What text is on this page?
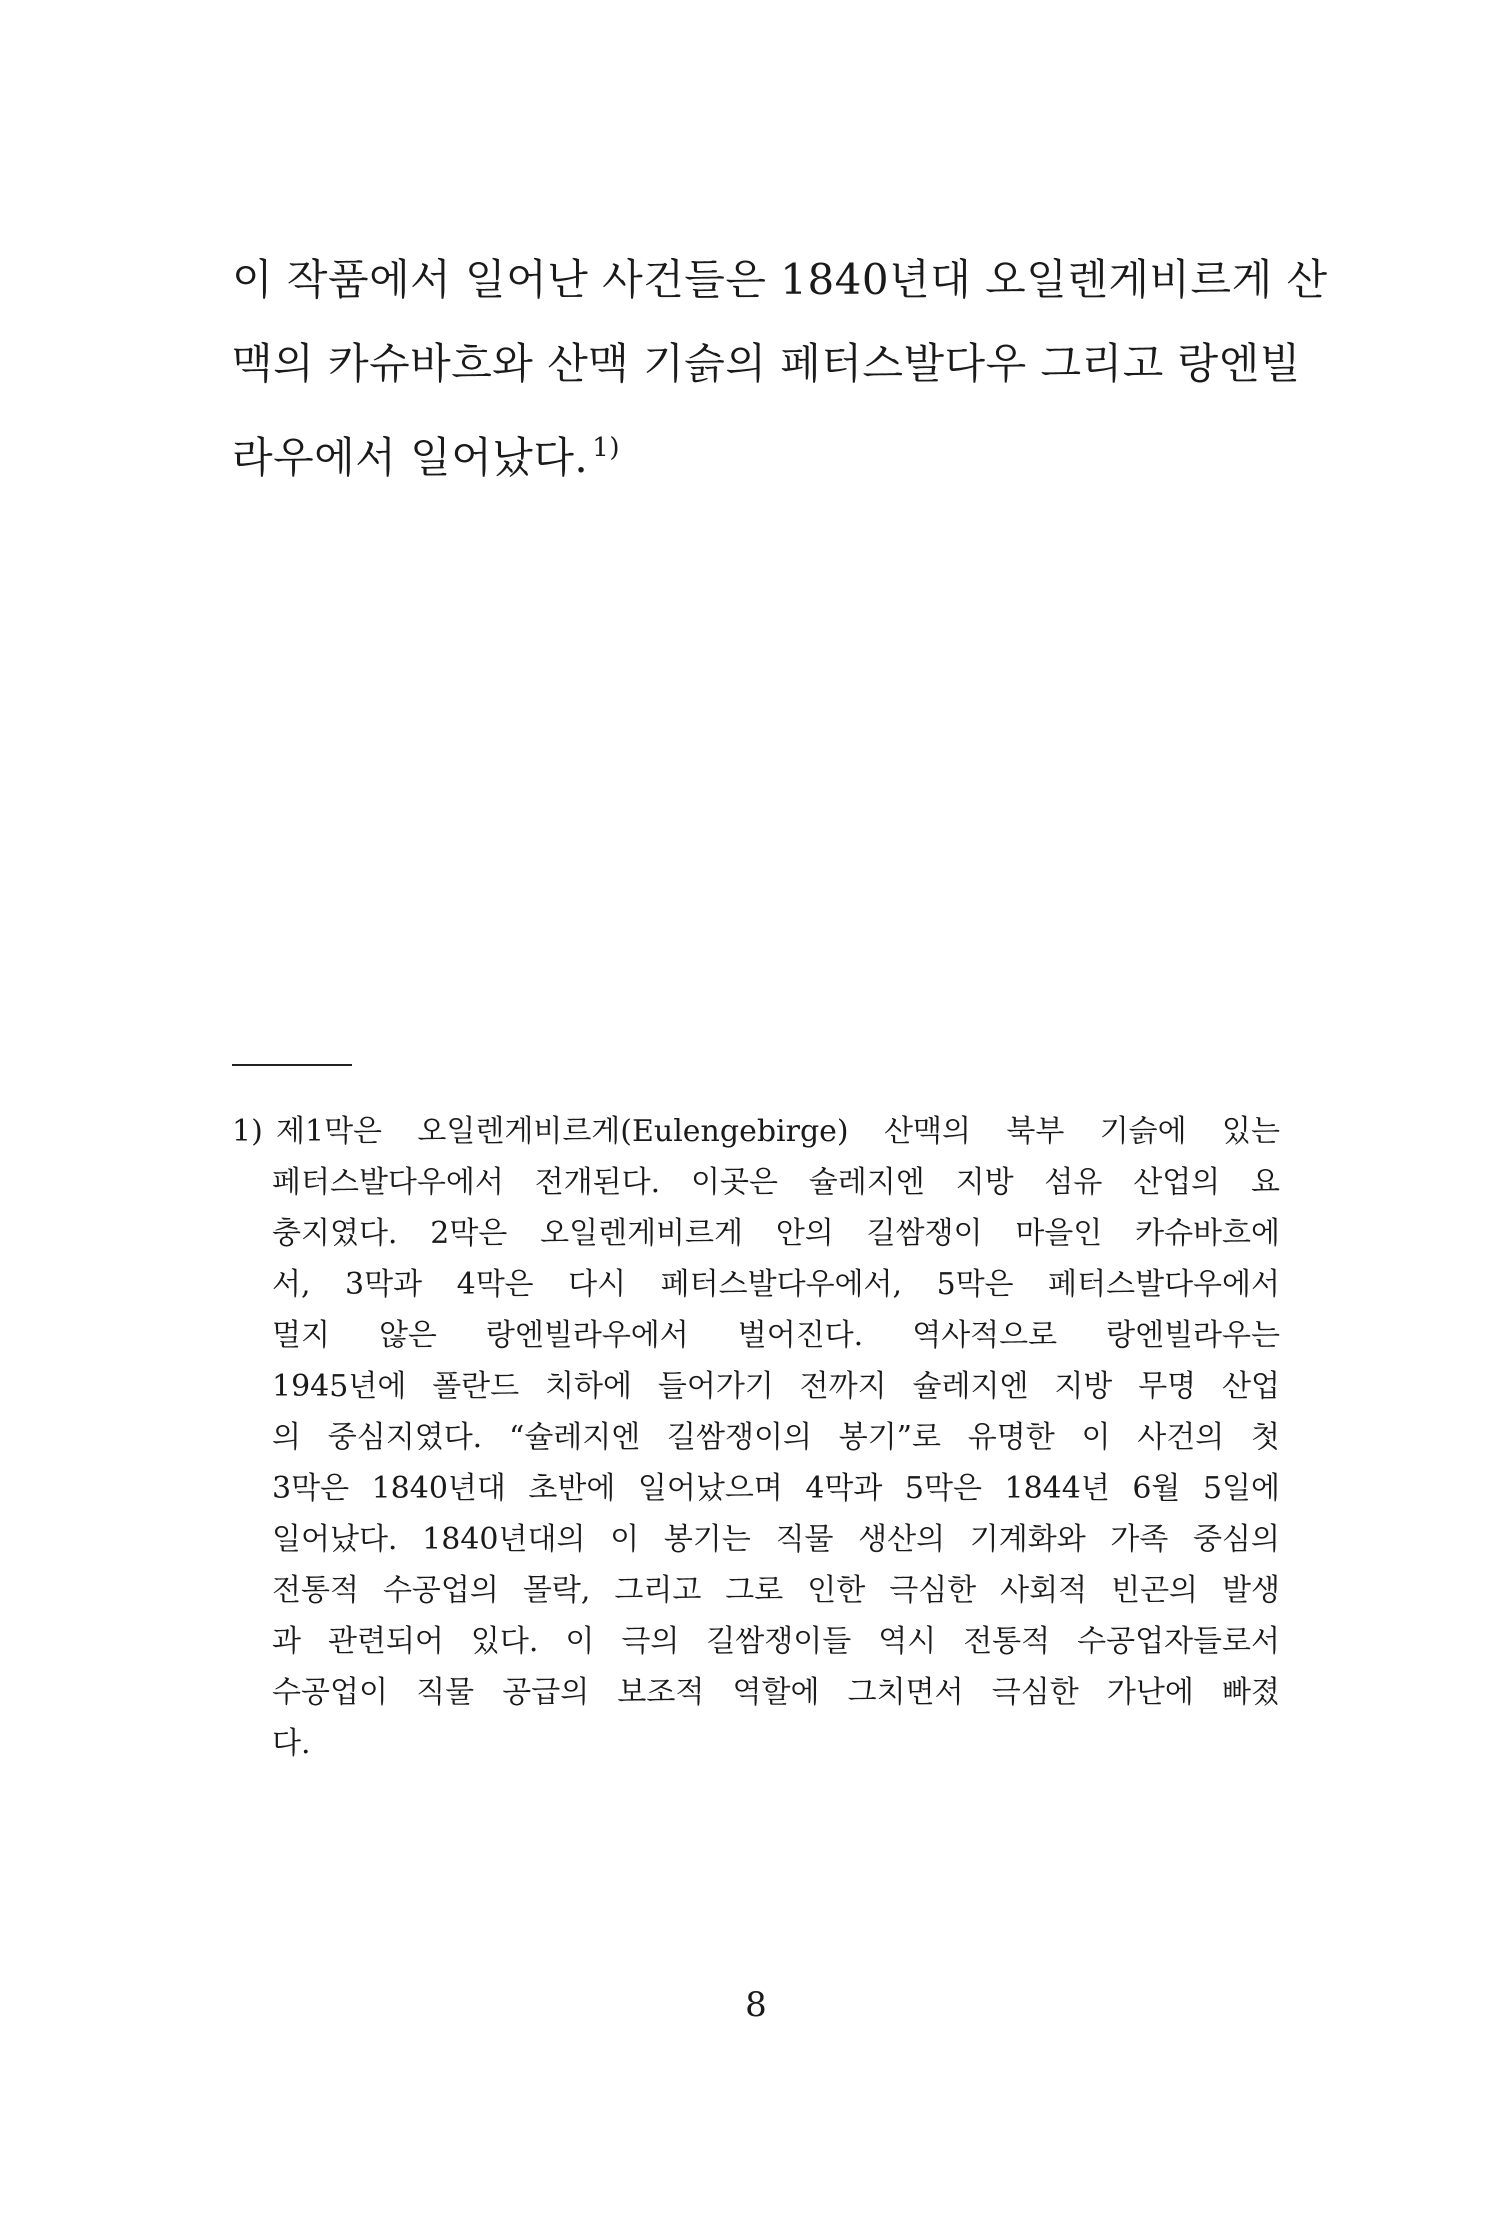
이 작품에서 일어난 사건들은 1840년대 오일렌게비르게 산
맥의 카슈바흐와 산맥 기슭의 페터스발다우 그리고 랑엔빌
라우에서 일어났다. $^{1)}$
1) 제1막은 오일렌게비르게(Eulengebirge) 산맥의 북부 기슭에 있는
페터스발다우에서 전개된다. 이곳은 슐레지엔 지방 섬유 산업의 요
충지였다. 2막은 오일렌게비르게 안의 길쌈쟁이 마을인 카슈바흐에
서, 3막과 4막은 다시 페터스발다우에서, 5막은 페터스발다우에서
멀지 않은 랑엔빌라우에서 벌어진다. 역사적으로 랑엔빌라우는
1945년에 폴란드 치하에 들어가기 전까지 슐레지엔 지방 무명 산업
의 중심지였다. “슐레지엔 길쌈쟁이의 봉기”로 유명한 이 사건의 첫
3막은 1840년대 초반에 일어났으며 4막과 5막은 1844년 6월 5일에
일어났다. 1840년대의 이 봉기는 직물 생산의 기계화와 가족 중심의
전통적 수공업의 몰락, 그리고 그로 인한 극심한 사회적 빈곤의 발생
과 관련되어 있다. 이 극의 길쌈쟁이들 역시 전통적 수공업자들로서
수공업이 직물 공급의 보조적 역할에 그치면서 극심한 가난에 빠졌
다.
8
